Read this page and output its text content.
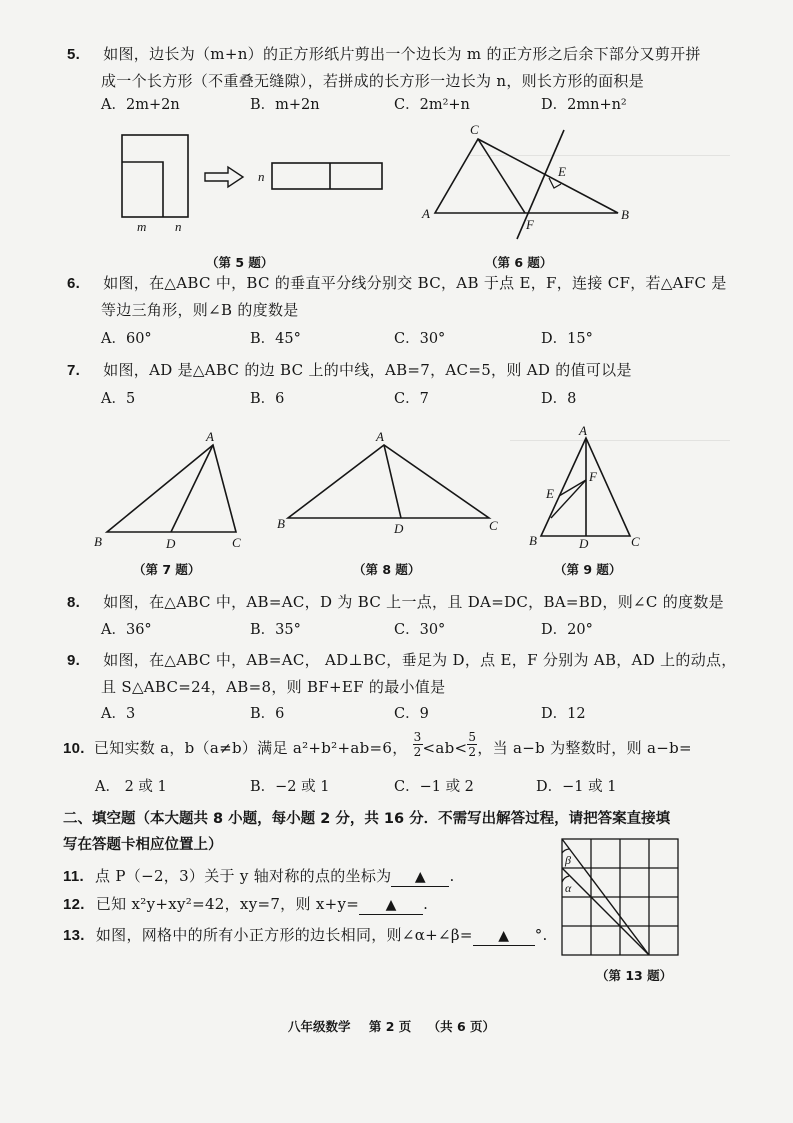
5. 如图，边长为（m+n）的正方形纸片剪出一个边长为 m 的正方形之后余下部分又剪开拼
成一个长方形（不重叠无缝隙），若拼成的长方形一边长为 n，则长方形的面积是
A．2m+2n	B．m+2n	C．2m²+n	D．2mn+n²
m n
n
（第 5 题）
C
A	B
E
F
（第 6 题）
6. 如图，在△ABC 中，BC 的垂直平分线分别交 BC，AB 于点 E，F，连接 CF，若△AFC 是
等边三角形，则∠B 的度数是
A．60°	B．45°	C．30°	D．15°
7. 如图，AD 是△ABC 的边 BC 上的中线，AB=7，AC=5，则 AD 的值可以是
A．5	B．6	C．7	D．8
A
B	C
D
（第 7 题）
A
B	C
D
（第 8 题）
A
F
E
B	D	C
（第 9 题）
8. 如图，在△ABC 中，AB=AC，D 为 BC 上一点，且 DA=DC，BA=BD，则∠C 的度数是
A．36°	B．35°	C．30°	D．20°
9. 如图，在△ABC 中，AB=AC， AD⊥BC，垂足为 D，点 E，F 分别为 AB，AD 上的动点，
且 S△ABC=24，AB=8，则 BF+EF 的最小值是
A．3	B．6	C．9	D．12
10. 已知实数 a，b（a≠b）满足 a²+b²+ab=6， $\frac{3}{2} <ab< \frac{5}{2}$ ，当 a−b 为整数时，则 a−b=
A． 2 或 1	B．−2 或 1	C．−1 或 2	D．−1 或 1
二、填空题（本大题共 8 小题，每小题 2 分，共 16 分．不需写出解答过程，请把答案直接填
写在答题卡相应位置上）
11. 点 P（−2，3）关于 y 轴对称的点的坐标为 ▲ .
12. 已知 x²y+xy²=42，xy=7，则 x+y= ▲ .
13. 如图，网格中的所有小正方形的边长相同，则∠α+∠β= ▲ °.
β
α
（第 13 题）
八年级数学 第 2 页 （共 6 页）
